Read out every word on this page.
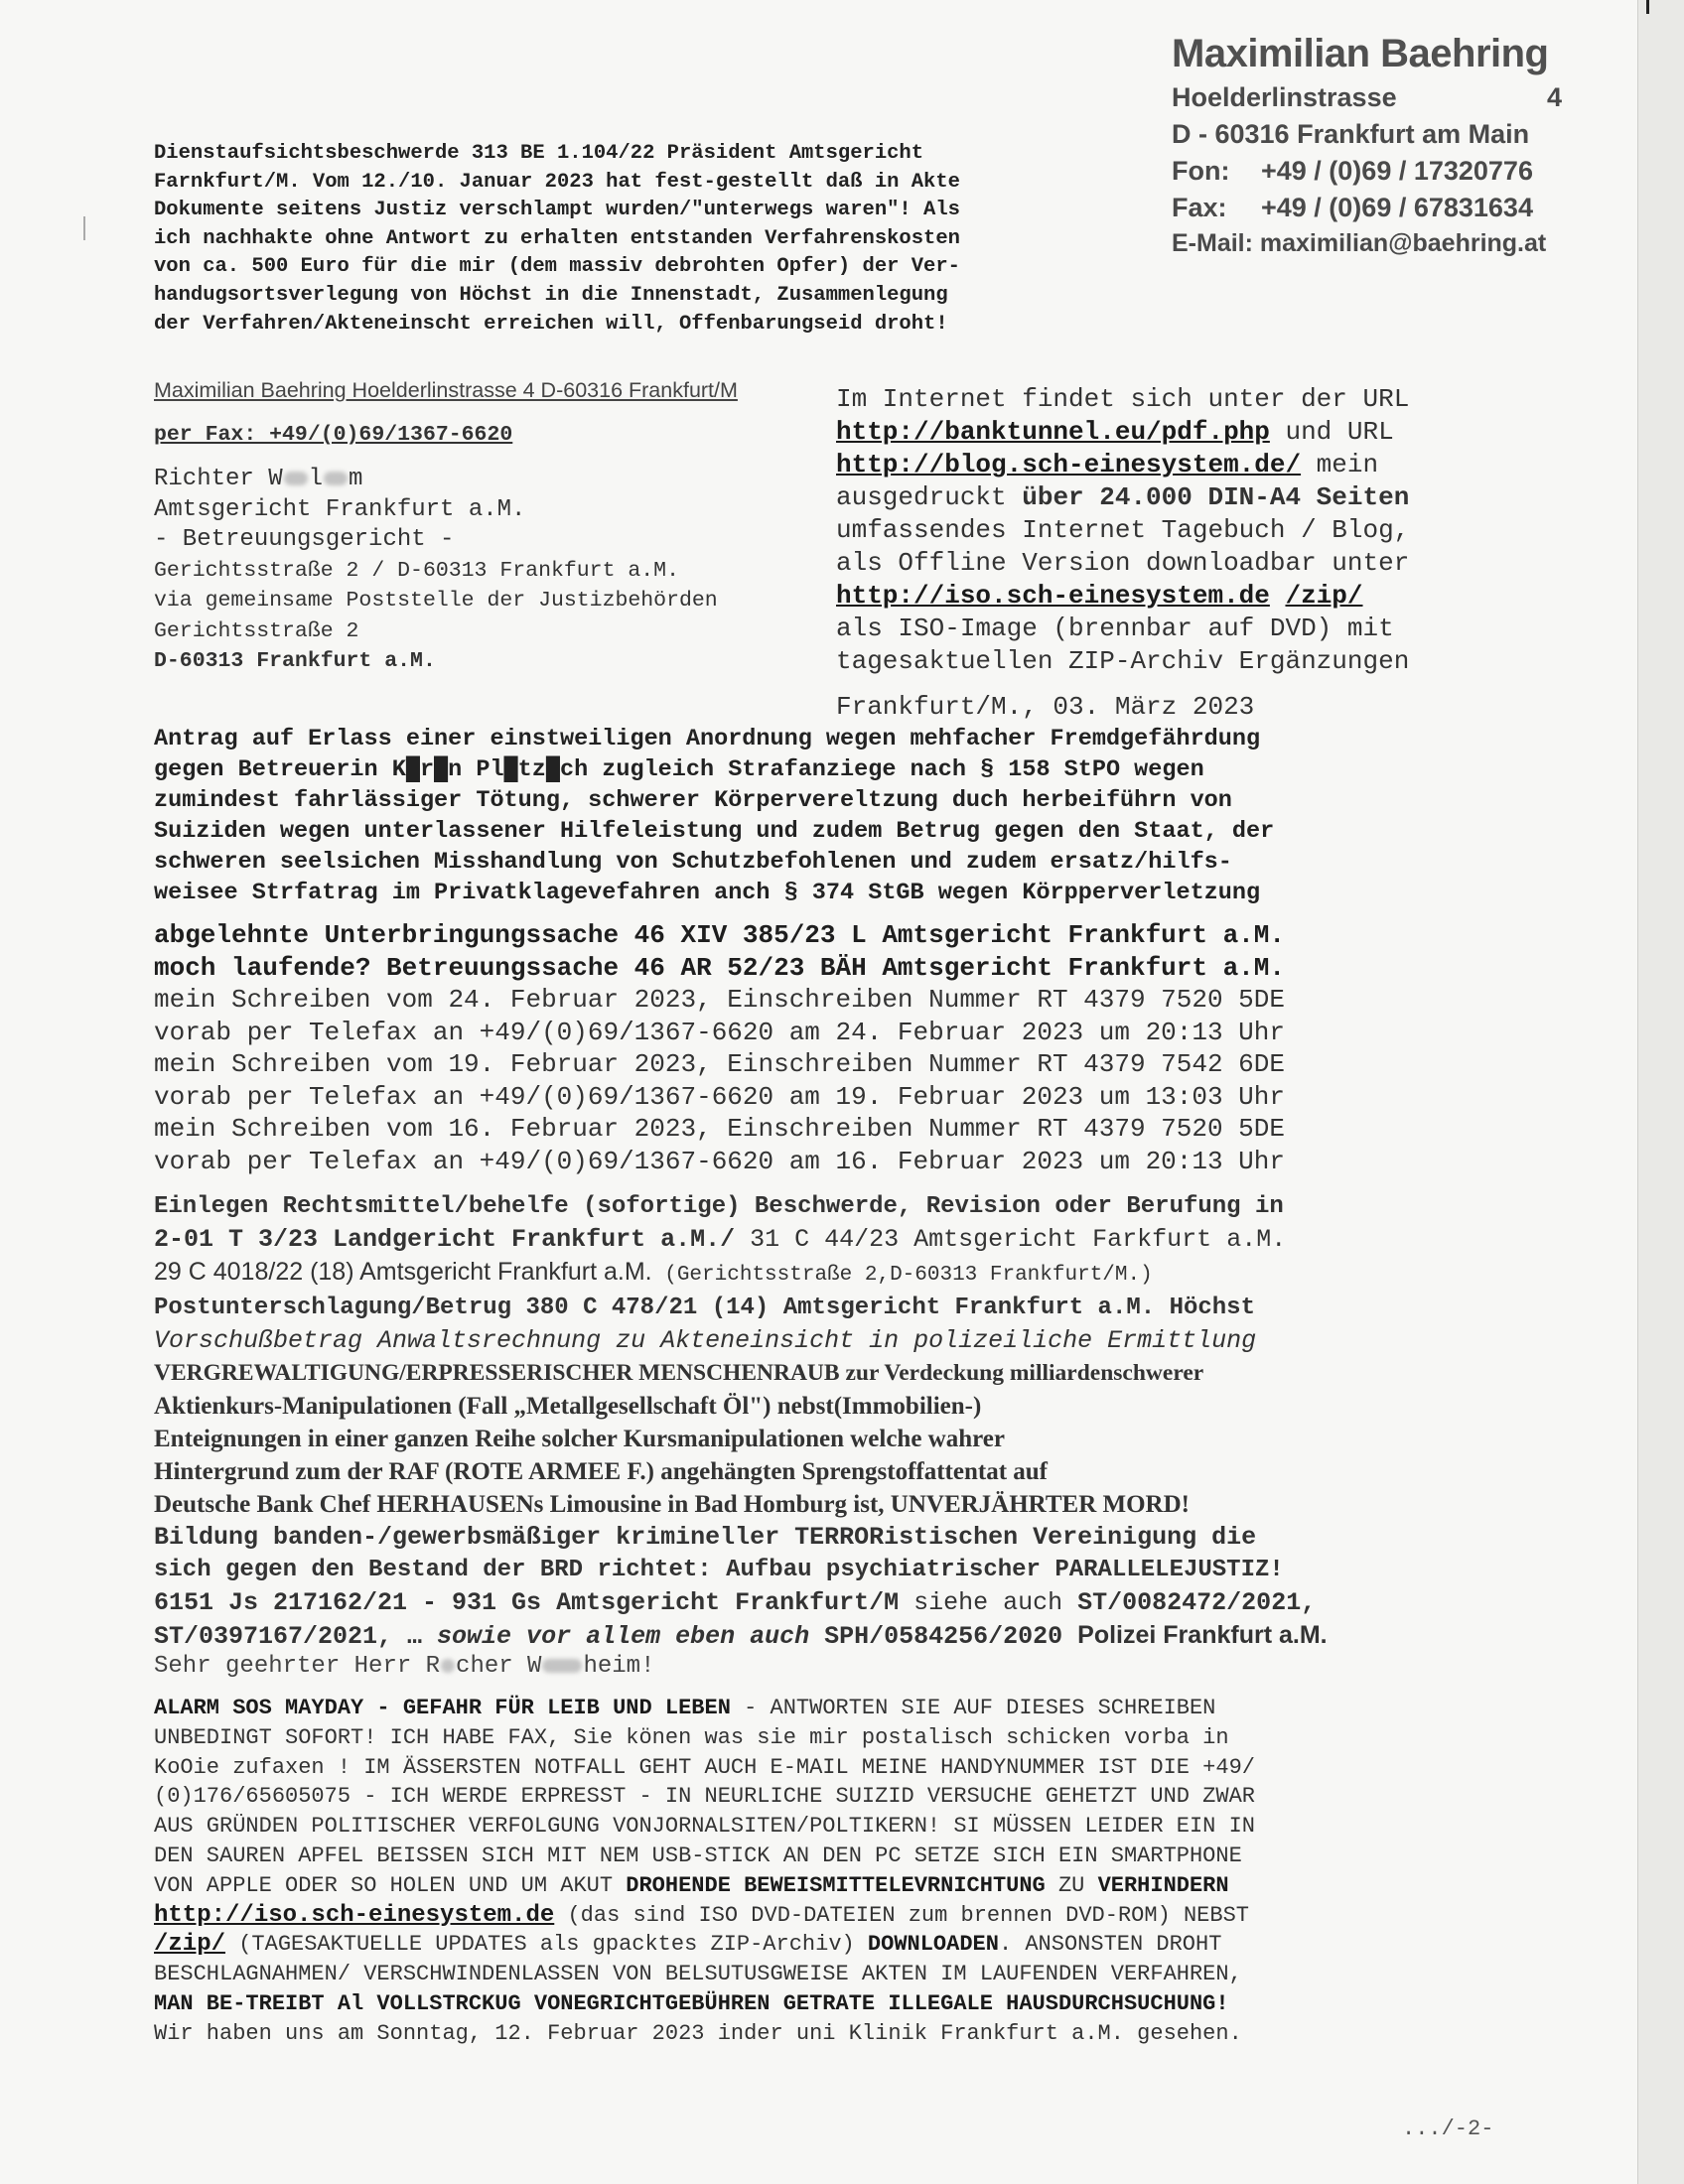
Maximilian Baehring
Hoelderlinstrasse	4
D - 60316 Frankfurt am Main
Fon: +49 / (0)69 / 17320776
Fax: +49 / (0)69 / 67831634
E-Mail: maximilian@baehring.at
Dienstaufsichtsbeschwerde 313 BE 1.104/22 Präsident Amtsgericht
Farnkfurt/M. Vom 12./10. Januar 2023 hat fest-gestellt daß in Akte
Dokumente seitens Justiz verschlampt wurden/"unterwegs waren"! Als
ich nachhakte ohne Antwort zu erhalten entstanden Verfahrenskosten
von ca. 500 Euro für die mir (dem massiv debrohten Opfer) der Ver-
handugsortsverlegung von Höchst in die Innenstadt, Zusammenlegung
der Verfahren/Akteneinscht erreichen will, Offenbarungseid droht!
Maximilian Baehring Hoelderlinstrasse 4 D-60316 Frankfurt/M
per Fax: +49/(0)69/1367-6620
Richter W l m
Amtsgericht Frankfurt a.M.
- Betreuungsgericht -
Gerichtsstraße 2 / D-60313 Frankfurt a.M.
via gemeinsame Poststelle der Justizbehörden
Gerichtsstraße 2
D-60313 Frankfurt a.M.
Im Internet findet sich unter der URL
http://banktunnel.eu/pdf.php und URL
http://blog.sch-einesystem.de/ mein
ausgedruckt über 24.000 DIN-A4 Seiten
umfassendes Internet Tagebuch / Blog,
als Offline Version downloadbar unter
http://iso.sch-einesystem.de /zip/
als ISO-Image (brennbar auf DVD) mit
tagesaktuellen ZIP-Archiv Ergänzungen
Frankfurt/M., 03. März 2023
Antrag auf Erlass einer einstweiligen Anordnung wegen mehfacher Fremdgefährdung
gegen Betreuerin K█r█n Pl█tz█ch zugleich Strafanziege nach § 158 StPO wegen
zumindest fahrlässiger Tötung, schwerer Körpervereltzung duch herbeiführn von
Suiziden wegen unterlassener Hilfeleistung und zudem Betrug gegen den Staat, der
schweren seelsichen Misshandlung von Schutzbefohlenen und zudem ersatz/hilfs-
weisee Strfatrag im Privatklagevefahren anch § 374 StGB wegen Körpperverletzung
abgelehnte Unterbringungssache 46 XIV 385/23 L Amtsgericht Frankfurt a.M.
moch laufende? Betreuungssache 46 AR 52/23 BÄH Amtsgericht Frankfurt a.M.
mein Schreiben vom 24. Februar 2023, Einschreiben Nummer RT 4379 7520 5DE
vorab per Telefax an +49/(0)69/1367-6620 am 24. Februar 2023 um 20:13 Uhr
mein Schreiben vom 19. Februar 2023, Einschreiben Nummer RT 4379 7542 6DE
vorab per Telefax an +49/(0)69/1367-6620 am 19. Februar 2023 um 13:03 Uhr
mein Schreiben vom 16. Februar 2023, Einschreiben Nummer RT 4379 7520 5DE
vorab per Telefax an +49/(0)69/1367-6620 am 16. Februar 2023 um 20:13 Uhr
Einlegen Rechtsmittel/behelfe (sofortige) Beschwerde, Revision oder Berufung in
2-01 T 3/23 Landgericht Frankfurt a.M./ 31 C 44/23 Amtsgericht Farkfurt a.M.
29 C 4018/22 (18) Amtsgericht Frankfurt a.M. (Gerichtsstraße 2,D-60313 Frankfurt/M.)
Postunterschlagung/Betrug 380 C 478/21 (14) Amtsgericht Frankfurt a.M. Höchst
Vorschußbetrag Anwaltsrechnung zu Akteneinsicht in polizeiliche Ermittlung
VERGREWALTIGUNG/ERPRESSERISCHER MENSCHENRAUB zur Verdeckung milliardenschwerer
Aktienkurs-Manipulationen (Fall „Metallgesellschaft Öl") nebst(Immobilien-)
Enteignungen in einer ganzen Reihe solcher Kursmanipulationen welche wahrer
Hintergrund zum der RAF (ROTE ARMEE F.) angehängten Sprengstoffattentat auf
Deutsche Bank Chef HERHAUSENs Limousine in Bad Homburg ist, UNVERJÄHRTER MORD!
Bildung banden-/gewerbsmäßiger krimineller TERRORistischen Vereinigung die
sich gegen den Bestand der BRD richtet: Aufbau psychiatrischer PARALLELEJUSTIZ!
6151 Js 217162/21 - 931 Gs Amtsgericht Frankfurt/M siehe auch ST/0082472/2021,
ST/0397167/2021, … sowie vor allem eben auch SPH/0584256/2020 Polizei Frankfurt a.M.
Sehr geehrter Herr R cher W heim!
ALARM SOS MAYDAY - GEFAHR FÜR LEIB UND LEBEN - ANTWORTEN SIE AUF DIESES SCHREIBEN
UNBEDINGT SOFORT! ICH HABE FAX, Sie könen was sie mir postalisch schicken vorba in
KoOie zufaxen ! IM ÄSSERSTEN NOTFALL GEHT AUCH E-MAIL MEINE HANDYNUMMER IST DIE +49/
(0)176/65605075 - ICH WERDE ERPRESST - IN NEURLICHE SUIZID VERSUCHE GEHETZT UND ZWAR
AUS GRÜNDEN POLITISCHER VERFOLGUNG VONJORNALSITEN/POLTIKERN! SI MÜSSEN LEIDER EIN IN
DEN SAUREN APFEL BEISSEN SICH MIT NEM USB-STICK AN DEN PC SETZE SICH EIN SMARTPHONE
VON APPLE ODER SO HOLEN UND UM AKUT DROHENDE BEWEISMITTELEVRNICHTUNG ZU VERHINDERN
http://iso.sch-einesystem.de (das sind ISO DVD-DATEIEN zum brennen DVD-ROM) NEBST
/zip/ (TAGESAKTUELLE UPDATES als gpacktes ZIP-Archiv) DOWNLOADEN. ANSONSTEN DROHT
BESCHLAGNAHMEN/ VERSCHWINDENLASSEN VON BELSUTUSGWEISE AKTEN IM LAUFENDEN VERFAHREN,
MAN BE-TREIBT Al VOLLSTRCKUG VONEGRICHTGEBÜHREN GETRATE ILLEGALE HAUSDURCHSUCHUNG!
Wir haben uns am Sonntag, 12. Februar 2023 inder uni Klinik Frankfurt a.M. gesehen.
.../-2-
